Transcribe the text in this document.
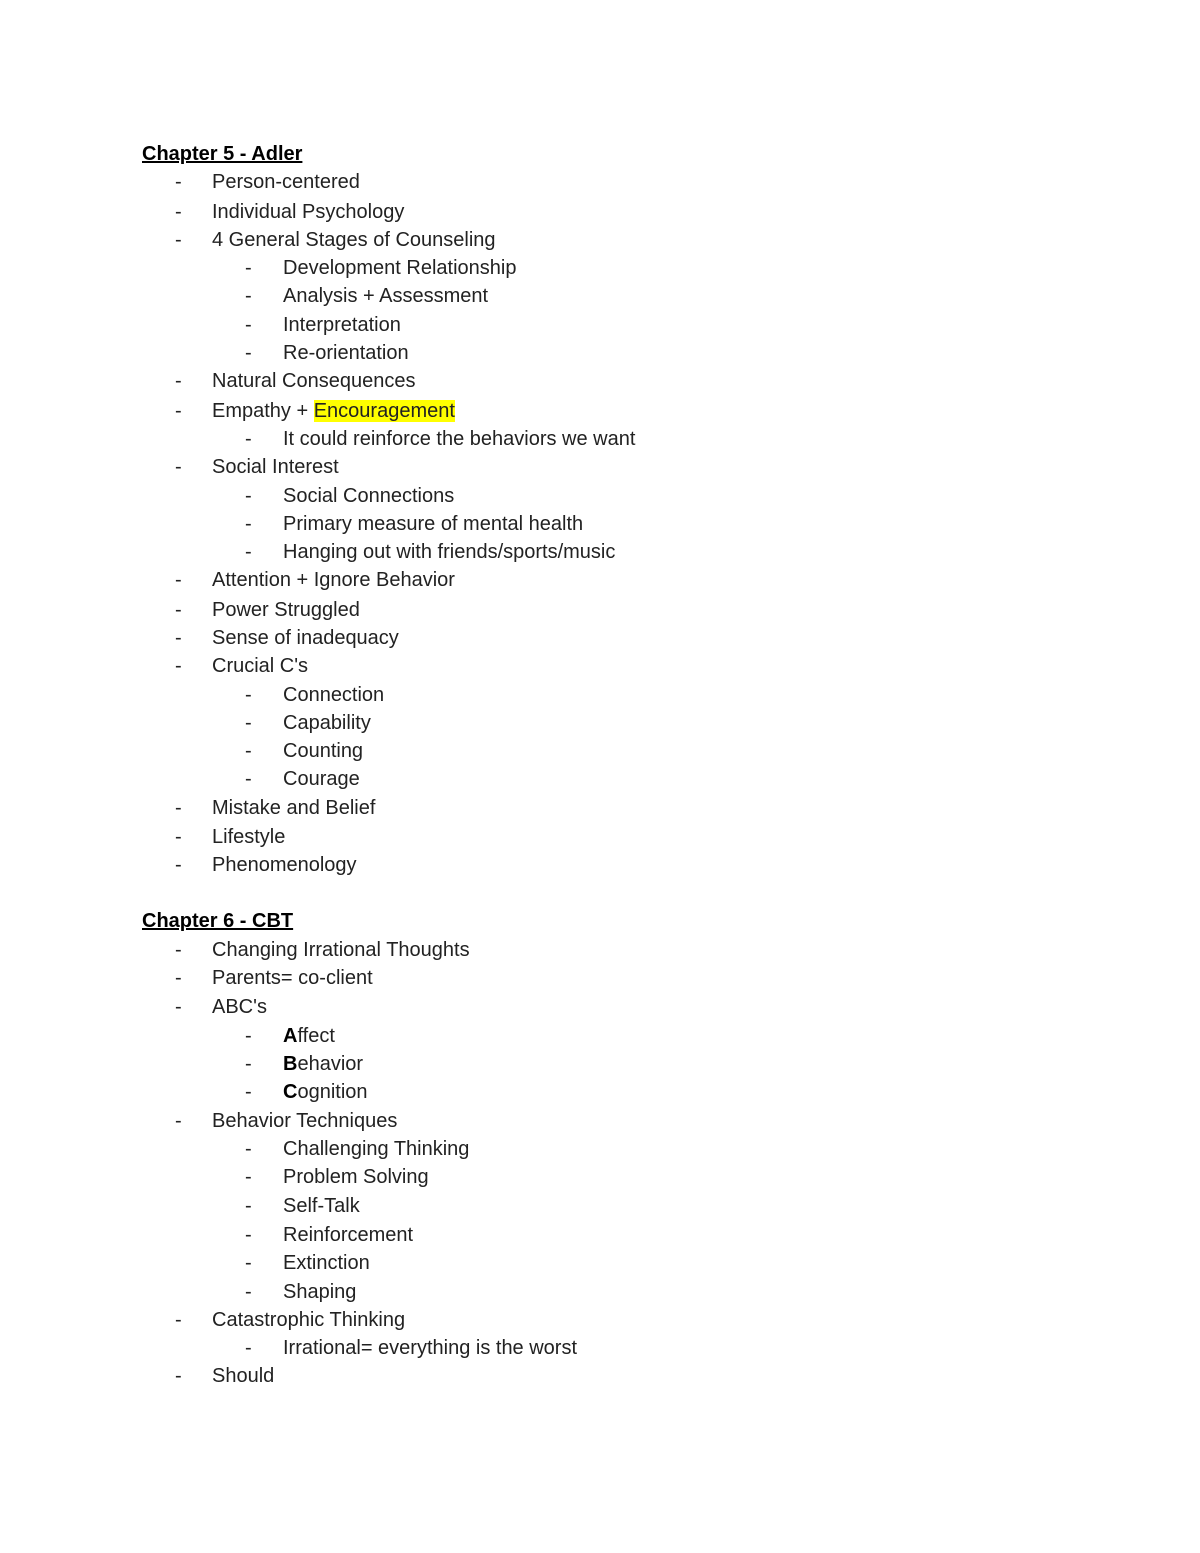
Chapter 5 - Adler
- Person-centered
- Individual Psychology
- 4 General Stages of Counseling
- Development Relationship
- Analysis + Assessment
- Interpretation
- Re-orientation
- Natural Consequences
- Empathy + Encouragement
- It could reinforce the behaviors we want
- Social Interest
- Social Connections
- Primary measure of mental health
- Hanging out with friends/sports/music
- Attention + Ignore Behavior
- Power Struggled
- Sense of inadequacy
- Crucial C's
- Connection
- Capability
- Counting
- Courage
- Mistake and Belief
- Lifestyle
- Phenomenology
Chapter 6 - CBT
- Changing Irrational Thoughts
- Parents= co-client
- ABC's
- Affect
- Behavior
- Cognition
- Behavior Techniques
- Challenging Thinking
- Problem Solving
- Self-Talk
- Reinforcement
- Extinction
- Shaping
- Catastrophic Thinking
- Irrational= everything is the worst
- Should
